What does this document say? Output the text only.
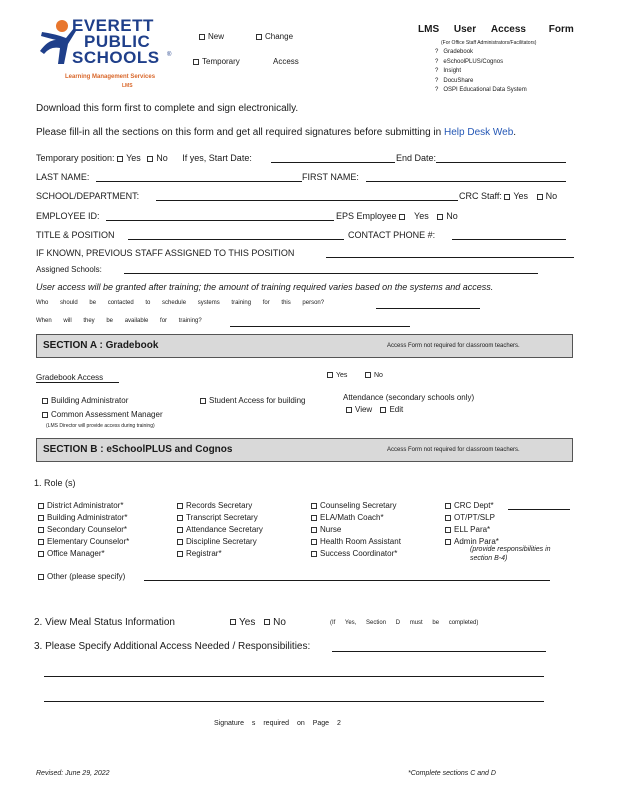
EVERETT
PUBLIC
SCHOOLS ®
Learning Management Services
LMS
New	Change
Temporary	Access
LMS User Access Form
(For Office Staff Administrators/Facilitators)
? Gradebook
? eSchoolPLUS/Cognos
? Insight
? DocuShare
? OSPI Educational Data System
Download this form first to complete and sign electronically.
Please fill-in all the sections on this form and get all required signatures before submitting in Help Desk Web.
Temporary position: Yes No If yes, Start Date:	End Date:
LAST NAME:	FIRST NAME:
SCHOOL/DEPARTMENT:	CRC Staff: Yes No
EMPLOYEE ID:	EPS Employee Yes No
TITLE & POSITION	CONTACT PHONE #:
IF KNOWN, PREVIOUS STAFF ASSIGNED TO THIS POSITION
Assigned Schools:
User access will be granted after training; the amount of training required varies based on the systems and access.
Who should be contacted to schedule systems training for this person?
When will they be available for training?
SECTION A : Gradebook	Access Form not required for classroom teachers.
Gradebook Access	Yes	No
Building Administrator	Student Access for building	Attendance (secondary schools only)
View Edit
Common Assessment Manager
(LMS Director will provide access during training)
SECTION B : eSchoolPLUS and Cognos	Access Form not required for classroom teachers.
1. Role (s)
District Administrator*
Building Administrator*
Secondary Counselor*
Elementary Counselor*
Office Manager*
Records Secretary
Transcript Secretary
Attendance Secretary
Discipline Secretary
Registrar*
Counseling Secretary
ELA/Math Coach*
Nurse
Health Room Assistant
Success Coordinator*
CRC Dept*
OT/PT/SLP
ELL Para*
Admin Para*
(provide responsibilities in
section B-4)
Other (please specify)
2. View Meal Status Information	Yes No	(If Yes, Section D must be completed)
3. Please Specify Additional Access Needed / Responsibilities:
Signature s required on Page 2
Revised: June 29, 2022	*Complete sections C and D
